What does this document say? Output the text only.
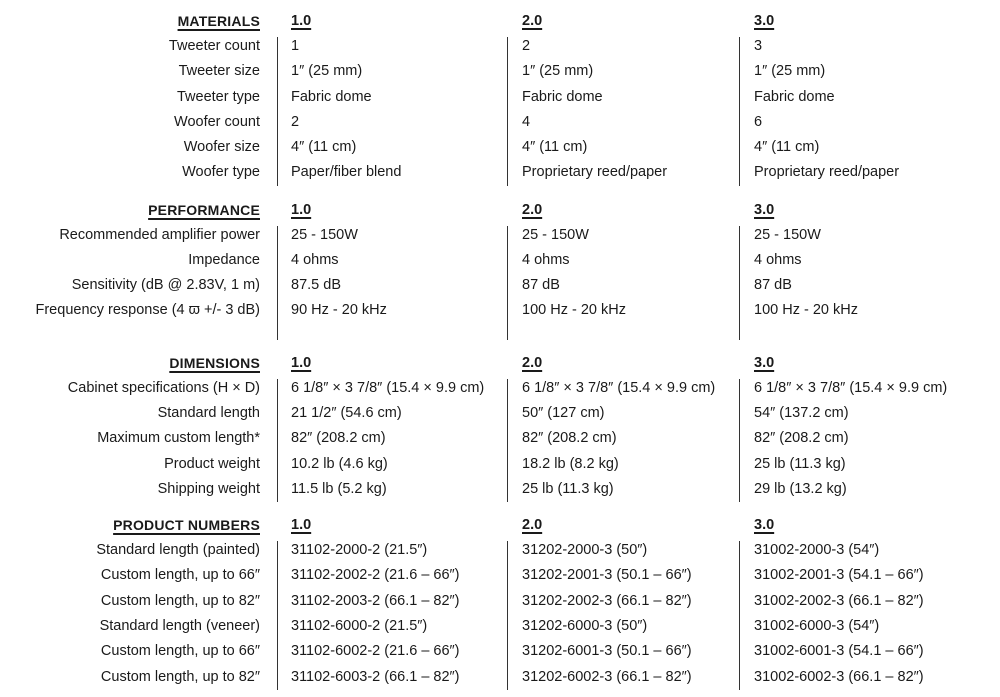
MATERIALS 1.0	2.0	3.0
Tweeter count 1	2	3
Tweeter size 1″ (25 mm)	1″ (25 mm)	1″ (25 mm)
Tweeter type Fabric dome	Fabric dome	Fabric dome
Woofer count 2	4	6
Woofer size 4″ (11 cm)	4″ (11 cm)	4″ (11 cm)
Woofer type Paper/fiber blend	Proprietary reed/paper	Proprietary reed/paper
PERFORMANCE 1.0	2.0	3.0
Recommended amplifier power 25 - 150W	25 - 150W	25 - 150W
Impedance 4 ohms	4 ohms	4 ohms
Sensitivity (dB @ 2.83V, 1 m) 87.5 dB	87 dB	87 dB
Frequency response (4 ϖ +/- 3 dB) 90 Hz - 20 kHz	100 Hz - 20 kHz	100 Hz - 20 kHz
DIMENSIONS 1.0	2.0	3.0
Cabinet specifications (H × D) 6 1/8″ × 3 7/8″ (15.4 × 9.9 cm)	6 1/8″ × 3 7/8″ (15.4 × 9.9 cm)	6 1/8″ × 3 7/8″ (15.4 × 9.9 cm)
Standard length 21 1/2″ (54.6 cm)	50″ (127 cm)	54″ (137.2 cm)
Maximum custom length* 82″ (208.2 cm)	82″ (208.2 cm)	82″ (208.2 cm)
Product weight 10.2 lb (4.6 kg)	18.2 lb (8.2 kg)	25 lb (11.3 kg)
Shipping weight 11.5 lb (5.2 kg)	25 lb (11.3 kg)	29 lb (13.2 kg)
PRODUCT NUMBERS 1.0	2.0	3.0
Standard length (painted) 31102-2000-2 (21.5″)	31202-2000-3 (50″)	31002-2000-3 (54″)
Custom length, up to 66″ 31102-2002-2 (21.6 – 66″)	31202-2001-3 (50.1 – 66″)	31002-2001-3 (54.1 – 66″)
Custom length, up to 82″ 31102-2003-2 (66.1 – 82″)	31202-2002-3 (66.1 – 82″)	31002-2002-3 (66.1 – 82″)
Standard length (veneer) 31102-6000-2 (21.5″)	31202-6000-3 (50″)	31002-6000-3 (54″)
Custom length, up to 66″ 31102-6002-2 (21.6 – 66″)	31202-6001-3 (50.1 – 66″)	31002-6001-3 (54.1 – 66″)
Custom length, up to 82″ 31102-6003-2 (66.1 – 82″)	31202-6002-3 (66.1 – 82″)	31002-6002-3 (66.1 – 82″)
